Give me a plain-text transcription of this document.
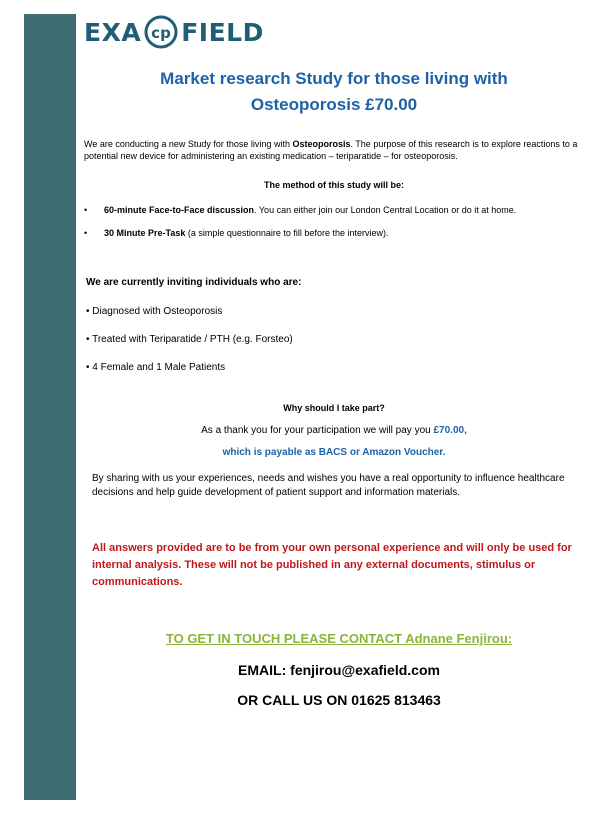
EXA cp FIELD
Market research Study for those living with
Osteoporosis £70.00
We are conducting a new Study for those living with Osteoporosis. The purpose of this research is to explore reactions to a potential new device for administering an existing medication – teriparatide – for osteoporosis.
The method of this study will be:
• 60-minute Face-to-Face discussion. You can either join our London Central Location or do it at home.
• 30 Minute Pre-Task (a simple questionnaire to fill before the interview).
We are currently inviting individuals who are:
• Diagnosed with Osteoporosis
• Treated with Teriparatide / PTH (e.g. Forsteo)
• 4 Female and 1 Male Patients
Why should I take part?
As a thank you for your participation we will pay you £70.00,
which is payable as BACS or Amazon Voucher.
By sharing with us your experiences, needs and wishes you have a real opportunity to influence healthcare decisions and help guide development of patient support and information materials.
All answers provided are to be from your own personal experience and will only be used for internal analysis. These will not be published in any external documents, stimulus or communications.
TO GET IN TOUCH PLEASE CONTACT Adnane Fenjirou:
EMAIL: fenjirou@exafield.com
OR CALL US ON 01625 813463
